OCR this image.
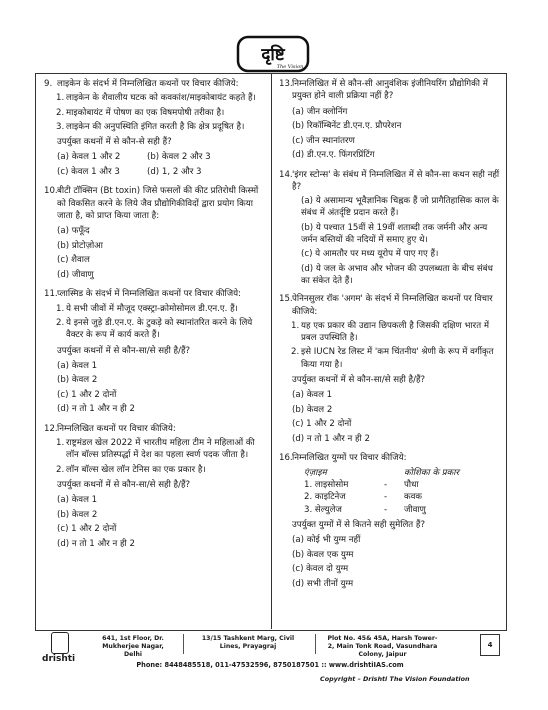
दृष्टि
The Vision
9. लाइकेन के संदर्भ में निम्नलिखित कथनों पर विचार कीजिये:
1. लाइकेन के शैवालीय घटक को कवकांश/माइकोबायंट कहते हैं।
2. माइकोबायंट में पोषण का एक विषमपोषी तरीका है।
3. लाइकेन की अनुपस्थिति इंगित करती है कि क्षेत्र प्रदूषित है।
उपर्युक्त कथनों में से कौन-से सही हैं?
(a) केवल 1 और 2	(b) केवल 2 और 3
(c) केवल 1 और 3	(d) 1, 2 और 3
10. बीटी टॉक्सिन (Bt toxin) जिसे फसलों की कीट प्रतिरोधी किस्मों को विकसित करने के लिये जैव प्रौद्योगिकीविदों द्वारा प्रयोग किया जाता है, को प्राप्त किया जाता है:
(a) फफूँद
(b) प्रोटोज़ोआ
(c) शैवाल
(d) जीवाणु
11. प्लास्मिड के संदर्भ में निम्नलिखित कथनों पर विचार कीजिये:
1. ये सभी जीवों में मौजूद एक्स्ट्रा-क्रोमोसोमल डी.एन.ए. हैं।
2. ये इनसे जुड़े डी.एन.ए. के टुकड़े को स्थानांतरित करने के लिये वैक्टर के रूप में कार्य करते हैं।
उपर्युक्त कथनों में से कौन-सा/से सही है/हैं?
(a) केवल 1
(b) केवल 2
(c) 1 और 2 दोनों
(d) न तो 1 और न ही 2
12. निम्नलिखित कथनों पर विचार कीजिये:
1. राष्ट्रमंडल खेल 2022 में भारतीय महिला टीम ने महिलाओं की लॉन बॉल्स प्रतिस्पर्द्धा में देश का पहला स्वर्ण पदक जीता है।
2. लॉन बॉल्स खेल लॉन टेनिस का एक प्रकार है।
उपर्युक्त कथनों में से कौन-सा/से सही है/हैं?
(a) केवल 1
(b) केवल 2
(c) 1 और 2 दोनों
(d) न तो 1 और न ही 2
13. निम्नलिखित में से कौन-सी आनुवंशिक इंजीनियरिंग प्रौद्योगिकी में प्रयुक्त होने वाली प्रक्रिया नहीं है?
(a) जीन क्लोनिंग
(b) रिकॉम्बिनेंट डी.एन.ए. प्रौपरेशन
(c) जीन स्थानांतरण
(d) डी.एन.ए. फिंगरप्रिंटिंग
14. 'इंगर स्टोन्स' के संबंध में निम्नलिखित में से कौन-सा कथन सही नहीं है?
(a) ये असामान्य भूवैज्ञानिक चिह्नक हैं जो प्रागैतिहासिक काल के संबंध में अंतर्दृष्टि प्रदान करते हैं।
(b) ये पश्चात 15वीं से 19वीं शताब्दी तक जर्मनी और अन्य जर्मन बस्तियों की नदियों में समाए हुए थे।
(c) ये आमतौर पर मध्य यूरोप में पाए गए हैं।
(d) ये जल के अभाव और भोजन की उपलब्धता के बीच संबंध का संकेत देते हैं।
15. पेनिनसुलर रॉक 'अगम' के संदर्भ में निम्नलिखित कथनों पर विचार कीजिये:
1. यह एक प्रकार की उद्यान छिपकली है जिसकी दक्षिण भारत में प्रबल उपस्थिति है।
2. इसे IUCN रेड लिस्ट में 'कम चिंतनीय' श्रेणी के रूप में वर्गीकृत किया गया है।
उपर्युक्त कथनों में से कौन-सा/से सही है/हैं?
(a) केवल 1
(b) केवल 2
(c) 1 और 2 दोनों
(d) न तो 1 और न ही 2
16. निम्नलिखित युग्मों पर विचार कीजिये:
एंज़ाइम	कोशिका के प्रकार
1. लाइसोसोम	-	पौधा
2. काइटिनेज	-	कवक
3. सेल्युलेज	-	जीवाणु
उपर्युक्त युग्मों में से कितने सही सुमेलित हैं?
(a) कोई भी युग्म नहीं
(b) केवल एक युग्म
(c) केवल दो युग्म
(d) सभी तीनों युग्म
drishti
641, 1st Floor, Dr. Mukherjee Nagar, Delhi
13/15 Tashkent Marg, Civil Lines, Prayagraj
Plot No. 45& 45A, Harsh Tower-2, Main Tonk Road, Vasundhara Colony, Jaipur
4
Phone: 8448485518, 011-47532596, 8750187501 :: www.drishtiIAS.com
Copyright – Drishti The Vision Foundation
